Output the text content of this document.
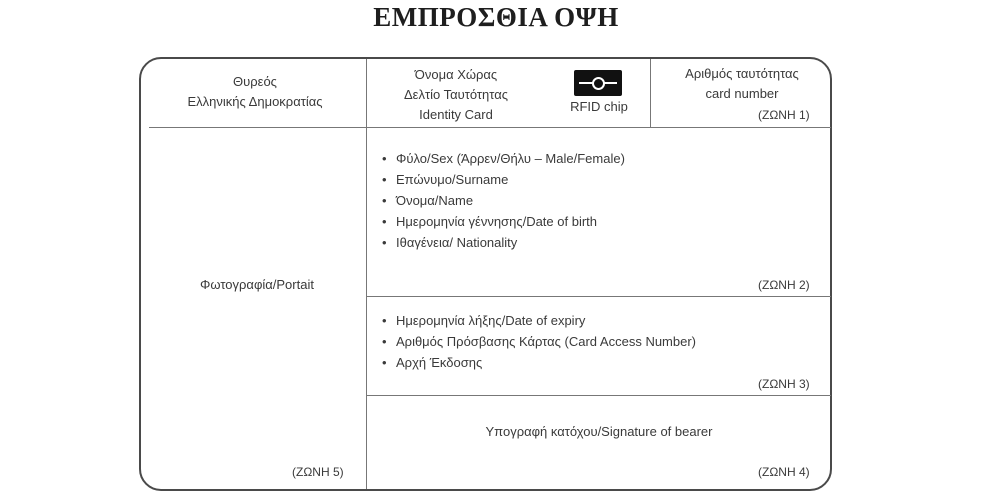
ΕΜΠΡΟΣΘΙΑ ΟΨΗ
Θυρεός
Ελληνικής Δημοκρατίας
Όνομα Χώρας
Δελτίο Ταυτότητας
Identity Card
RFID chip
Αριθμός ταυτότητας
card number
(ΖΩΝΗ 1)
Φωτογραφία/Portait
(ΖΩΝΗ 5)
• Φύλο/Sex (Άρρεν/Θήλυ – Male/Female)
• Επώνυμο/Surname
• Όνομα/Name
• Ημερομηνία γέννησης/Date of birth
• Ιθαγένεια/ Nationality
(ΖΩΝΗ 2)
• Ημερομηνία λήξης/Date of expiry
• Αριθμός Πρόσβασης Κάρτας (Card Access Number)
• Αρχή Έκδοσης
(ΖΩΝΗ 3)
Υπογραφή κατόχου/Signature of bearer
(ΖΩΝΗ 4)
